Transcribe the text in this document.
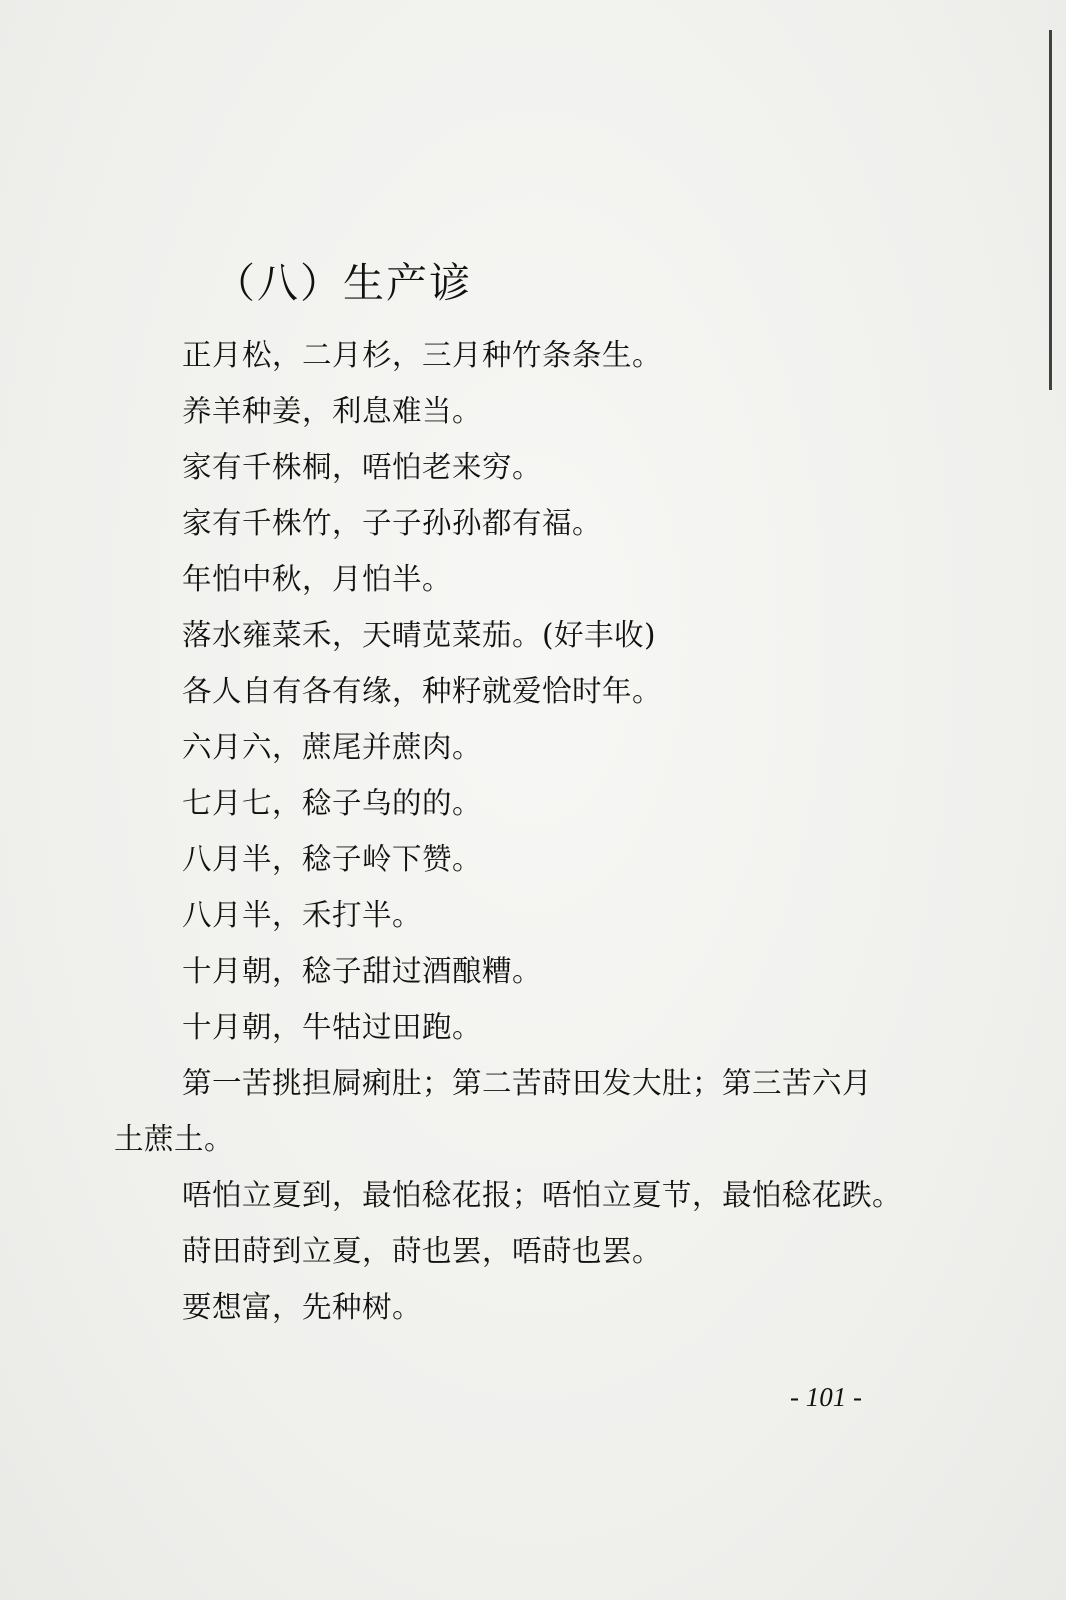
（八）生产谚
正月松，二月杉，三月种竹条条生。
养羊种姜，利息难当。
家有千株桐，唔怕老来穷。
家有千株竹，子子孙孙都有福。
年怕中秋，月怕半。
落水雍菜禾，天晴苋菜茄。(好丰收)
各人自有各有缘，种籽就爱恰时年。
六月六，蔗尾并蔗肉。
七月七，稔子乌的的。
八月半，稔子岭下赞。
八月半，禾打半。
十月朝，稔子甜过酒酿糟。
十月朝，牛牯过田跑。
第一苦挑担屙痢肚；第二苦莳田发大肚；第三苦六月
土蔗土。
唔怕立夏到，最怕稔花报；唔怕立夏节，最怕稔花跌。
莳田莳到立夏，莳也罢，唔莳也罢。
要想富，先种树。
- 101 -
